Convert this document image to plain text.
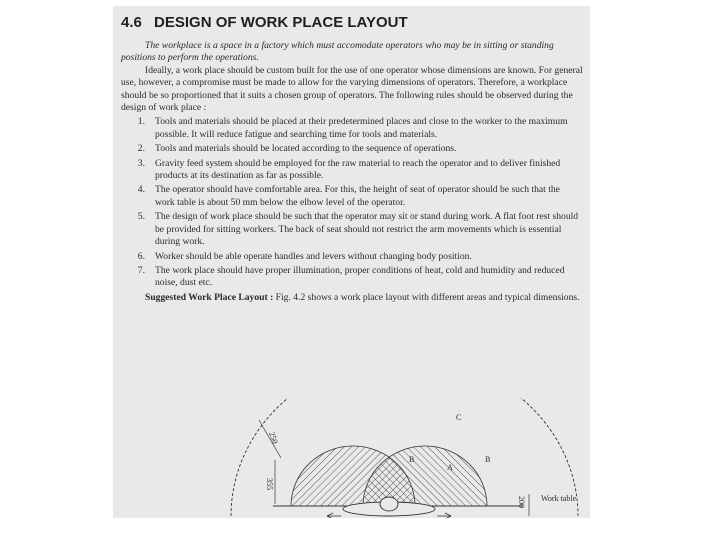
4.6 DESIGN OF WORK PLACE LAYOUT

The workplace is a space in a factory which must accomodate operators who may be in sitting or standing positions to perform the operations.

Ideally, a work place should be custom built for the use of one operator whose dimensions are known. For general use, however, a compromise must be made to allow for the varying dimensions of operators. Therefore, a workplace should be so proportioned that it suits a chosen group of operators. The following rules should be observed during the design of work place :

1.	Tools and materials should be placed at their predetermined places and close to the worker to the maximum possible. It will reduce fatigue and searching time for tools and materials.
2.	Tools and materials should be located according to the sequence of operations.
3.	Gravity feed system should be employed for the raw material to reach the operator and to deliver finished products at its destination as far as possible.
4.	The operator should have comfortable area. For this, the height of seat of operator should be such that the work table is about 50 mm below the elbow level of the operator.
5.	The design of work place should be such that the operator may sit or stand during work. A flat foot rest should be provided for sitting workers. The back of seat should not restrict the arm movements which is essential during work.
6.	Worker should be able operate handles and levers without changing body position.
7.	The work place should have proper illumination, proper conditions of heat, cold and humidity and reduced noise, dust etc.

Suggested Work Place Layout : Fig. 4.2 shows a work place layout with different areas and typical dimensions.

250
355
200
C
B	B
A
Work table
